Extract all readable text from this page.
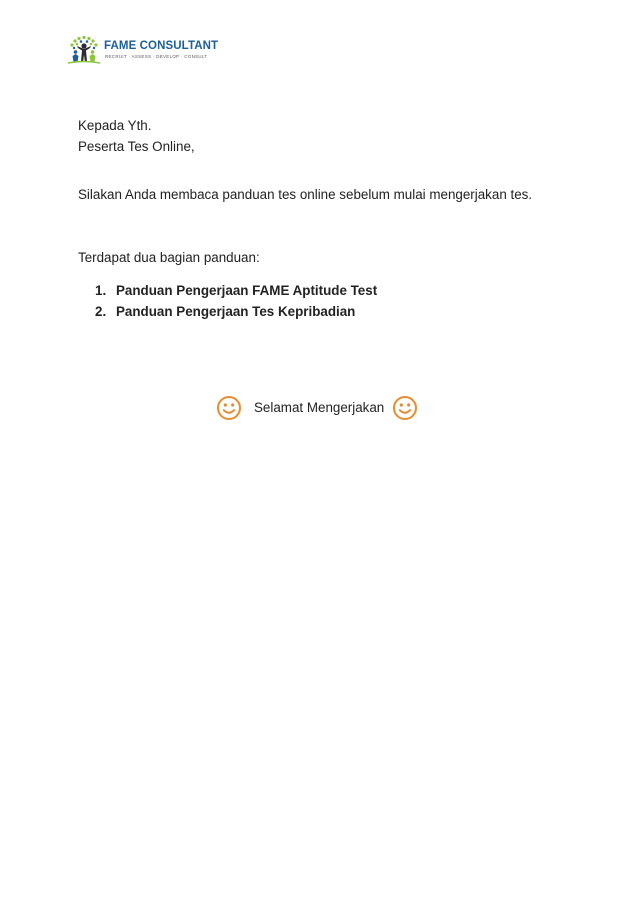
FAME CONSULTANT
RECRUIT · ASSESS · DEVELOP · CONSULT
Kepada Yth.
Peserta Tes Online,
Silakan Anda membaca panduan tes online sebelum mulai mengerjakan tes.
Terdapat dua bagian panduan:
1. Panduan Pengerjaan FAME Aptitude Test
2. Panduan Pengerjaan Tes Kepribadian
Selamat Mengerjakan
